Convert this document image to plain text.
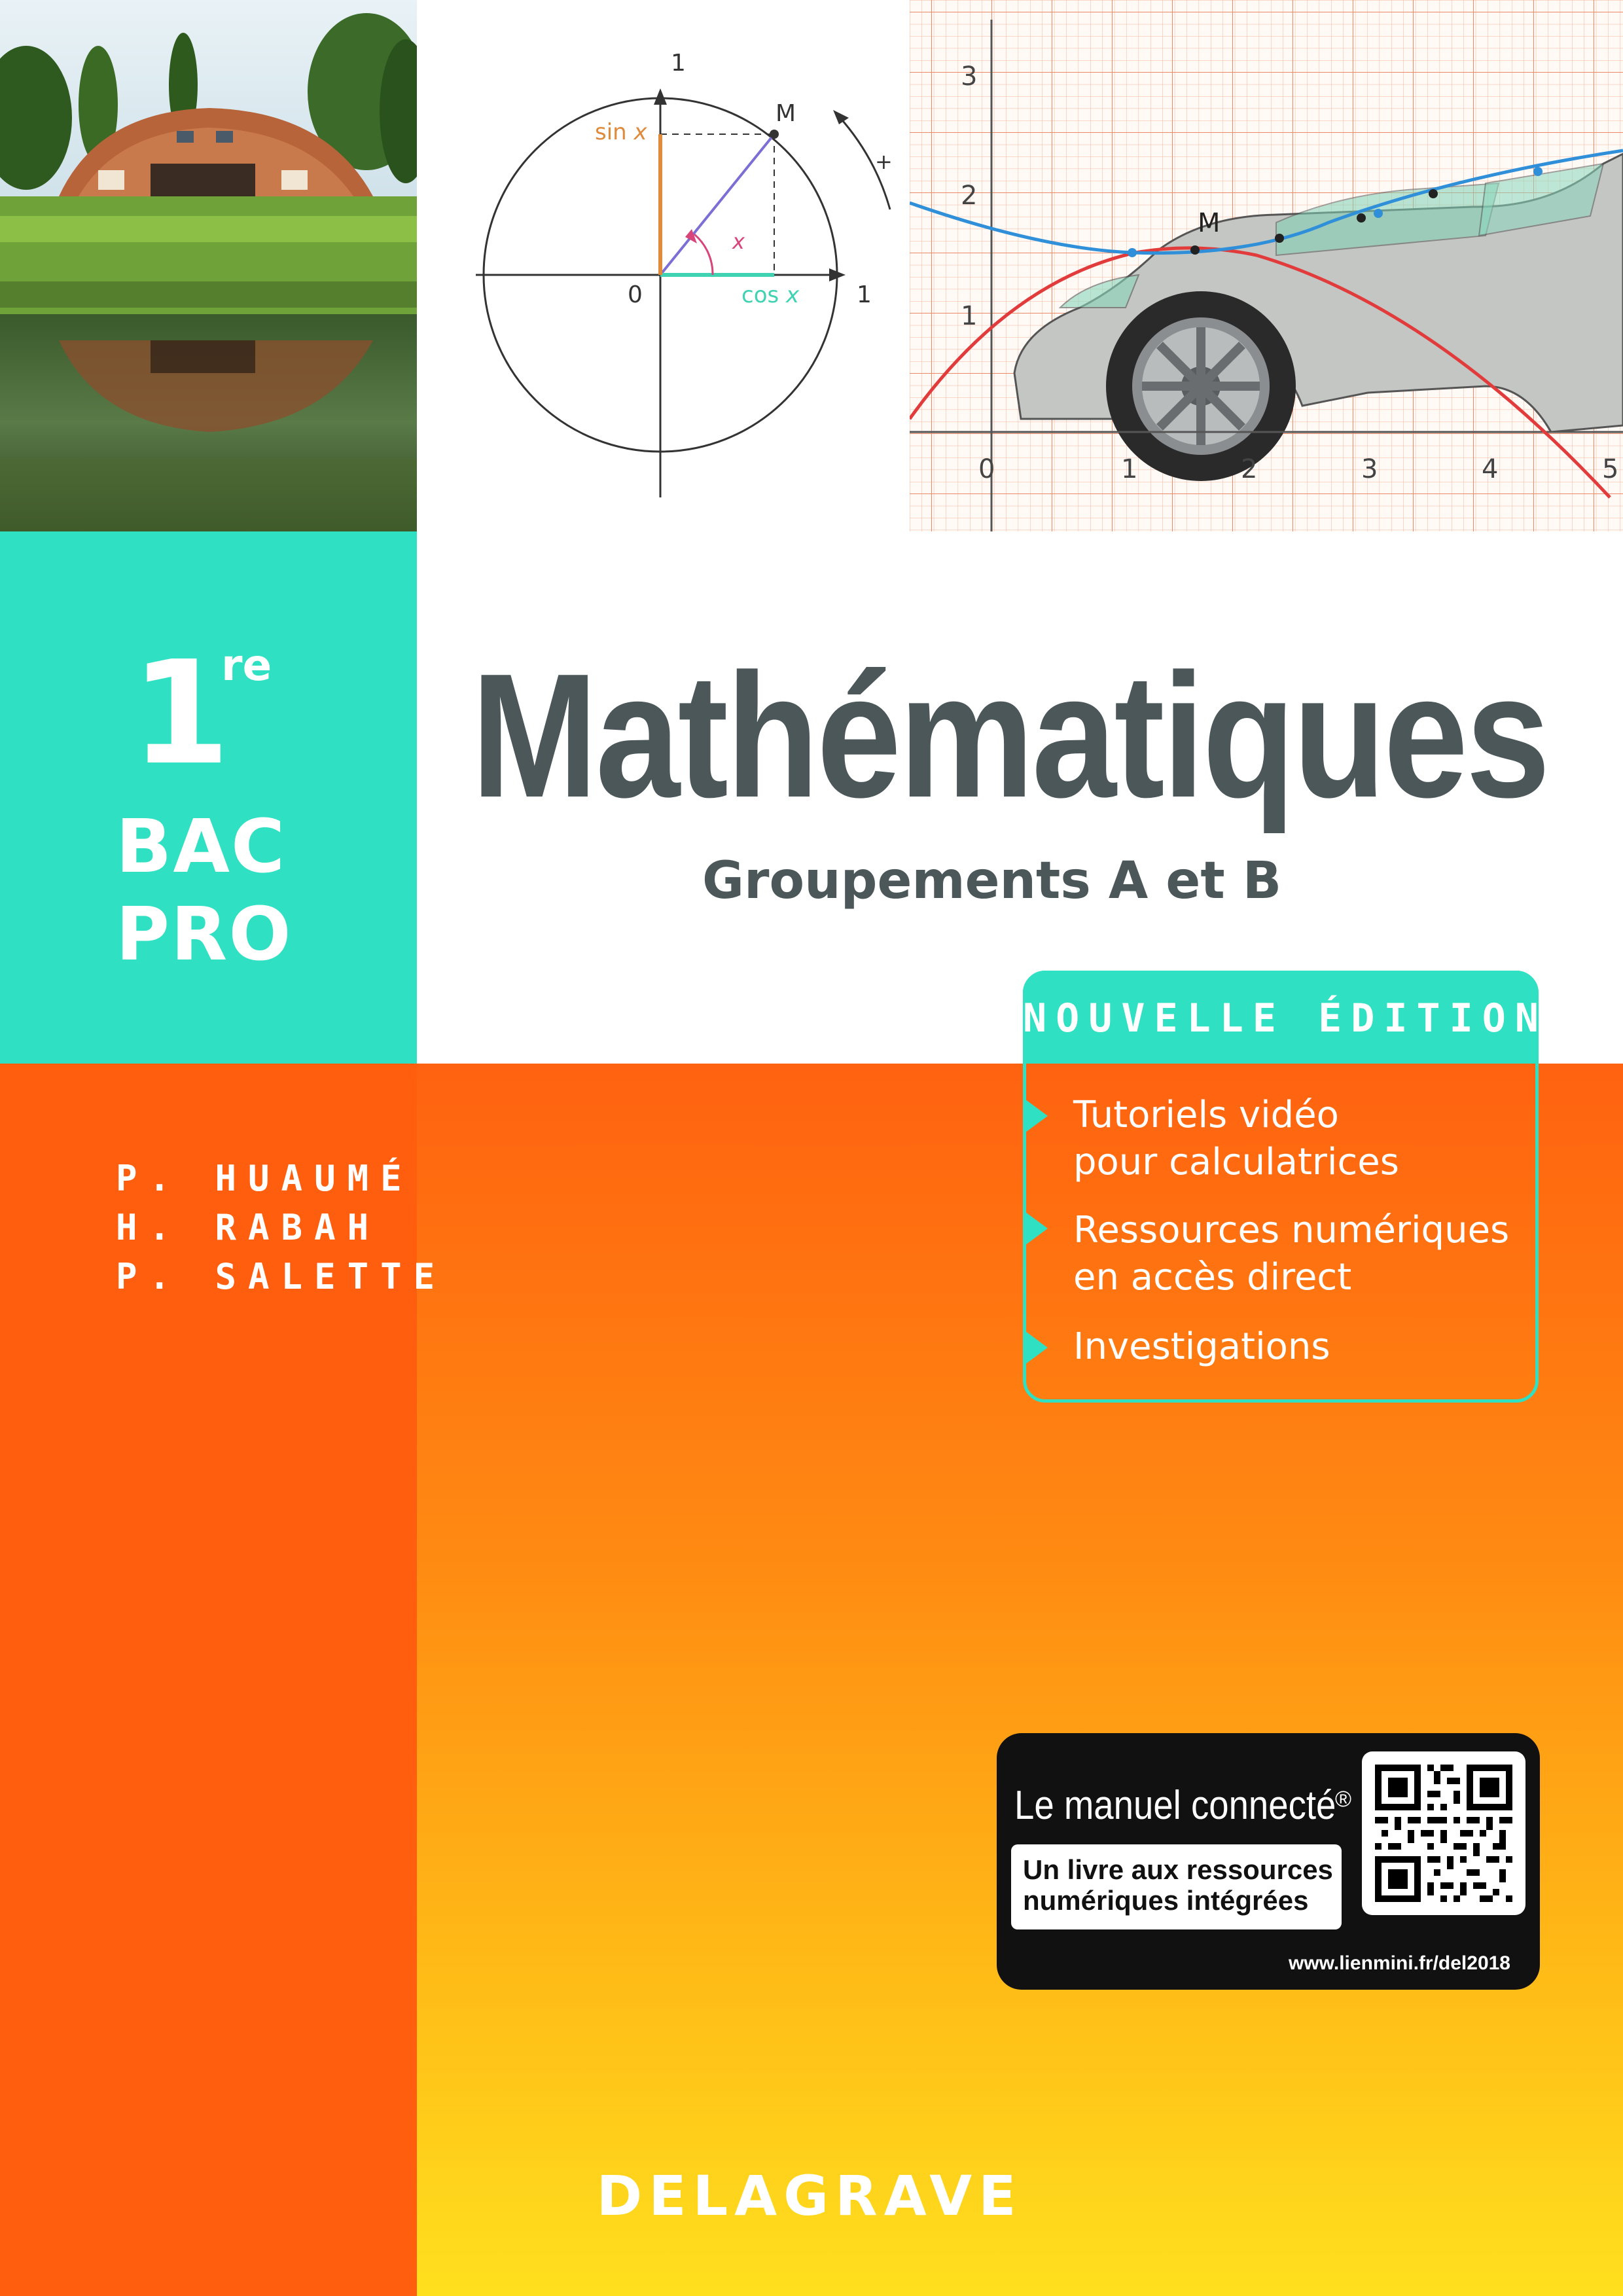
1
1
0
M
x
sin x
cos x
+
0	1	2	3	4	5
1
2
3
M
1
re
BAC
PRO
Mathématiques
Groupements A et B
P. HUAUMÉ
H. RABAH
P. SALETTE
NOUVELLE ÉDITION
Tutoriels vidéo
pour calculatrices
Ressources numériques
en accès direct
Investigations
Le manuel connecté
®
Un livre aux ressources
numériques intégrées
www.lienmini.fr/del2018
DELAGRAVE
